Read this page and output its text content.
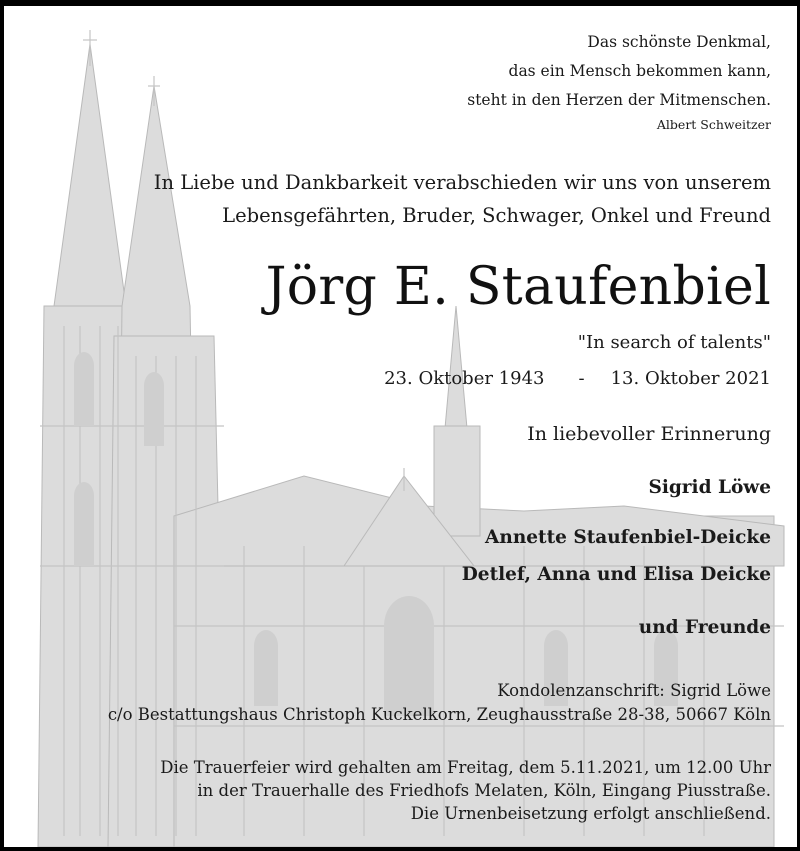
Das schönste Denkmal,
das ein Mensch bekommen kann,
steht in den Herzen der Mitmenschen.
Albert Schweitzer
In Liebe und Dankbarkeit verabschieden wir uns von unserem
Lebensgefährten, Bruder, Schwager, Onkel und Freund
Jörg E. Staufenbiel
"In search of talents"
23. Oktober 1943 - 13. Oktober 2021
In liebevoller Erinnerung
Sigrid Löwe
Annette Staufenbiel-Deicke
Detlef, Anna und Elisa Deicke
und Freunde
Kondolenzanschrift: Sigrid Löwe
c/o Bestattungshaus Christoph Kuckelkorn, Zeughausstraße 28-38, 50667 Köln
Die Trauerfeier wird gehalten am Freitag, dem 5.11.2021, um 12.00 Uhr
in der Trauerhalle des Friedhofs Melaten, Köln, Eingang Piusstraße.
Die Urnenbeisetzung erfolgt anschließend.
